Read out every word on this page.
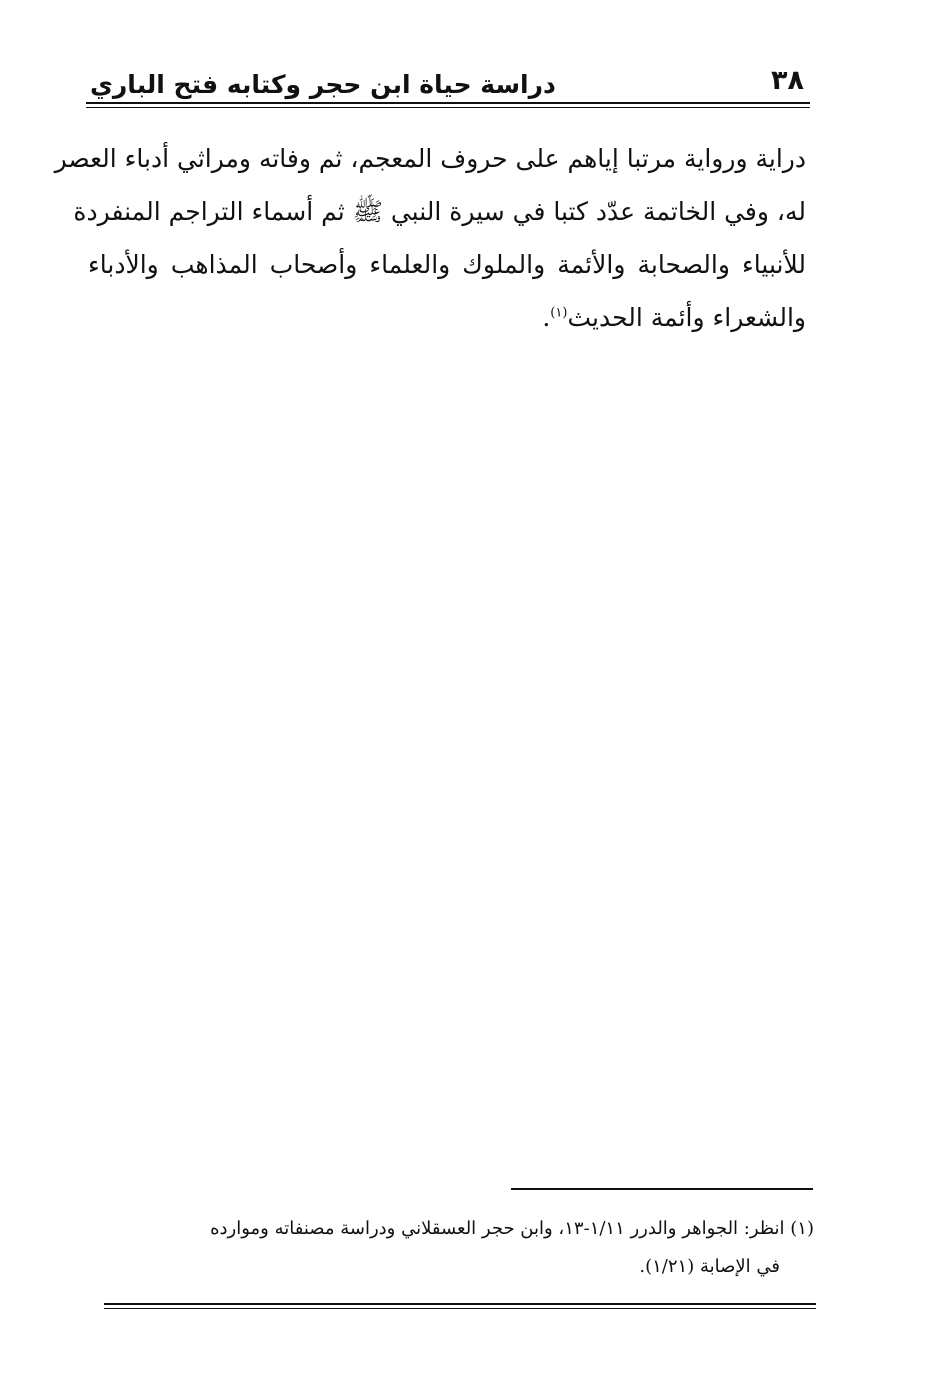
دراسة حياة ابن حجر وكتابه فتح الباري	٣٨
دراية ورواية مرتبا إياهم على حروف المعجم، ثم وفاته ومراثي أدباء العصر
له، وفي الخاتمة عدّد كتبا في سيرة النبي ﷺ ثم أسماء التراجم المنفردة
للأنبياء والصحابة والأئمة والملوك والعلماء وأصحاب المذاهب والأدباء
والشعراء وأئمة الحديث$^{(١)}$.
(١) انظر: الجواهر والدرر ١/١١-١٣، وابن حجر العسقلاني ودراسة مصنفاته وموارده
في الإصابة (١/٢١).
